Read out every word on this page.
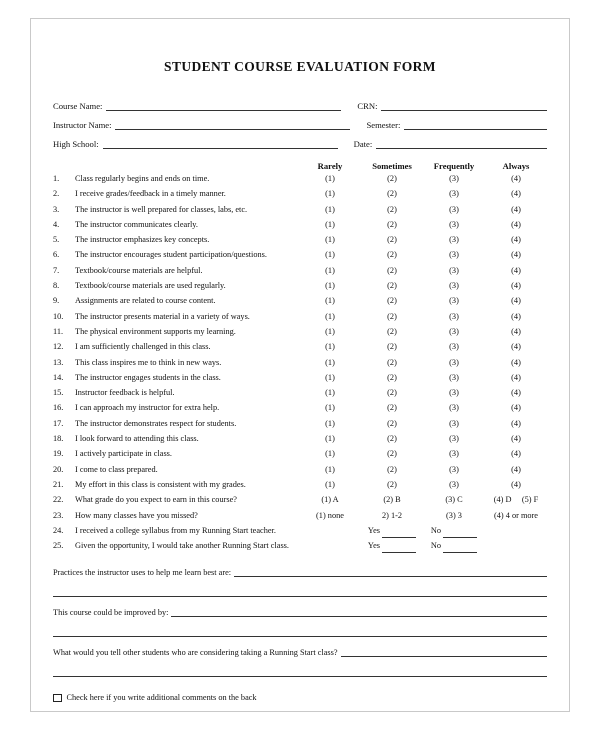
STUDENT COURSE EVALUATION FORM
Course Name:	CRN:
Instructor Name:	Semester:
High School:	Date:
		Rarely	Sometimes	Frequently	Always
1.	Class regularly begins and ends on time.	(1)	(2)	(3)	(4)
2.	I receive grades/feedback in a timely manner.	(1)	(2)	(3)	(4)
3.	The instructor is well prepared for classes, labs, etc.	(1)	(2)	(3)	(4)
4.	The instructor communicates clearly.	(1)	(2)	(3)	(4)
5.	The instructor emphasizes key concepts.	(1)	(2)	(3)	(4)
6.	The instructor encourages student participation/questions.	(1)	(2)	(3)	(4)
7.	Textbook/course materials are helpful.	(1)	(2)	(3)	(4)
8.	Textbook/course materials are used regularly.	(1)	(2)	(3)	(4)
9.	Assignments are related to course content.	(1)	(2)	(3)	(4)
10.	The instructor presents material in a variety of ways.	(1)	(2)	(3)	(4)
11.	The physical environment supports my learning.	(1)	(2)	(3)	(4)
12.	I am sufficiently challenged in this class.	(1)	(2)	(3)	(4)
13.	This class inspires me to think in new ways.	(1)	(2)	(3)	(4)
14.	The instructor engages students in the class.	(1)	(2)	(3)	(4)
15.	Instructor feedback is helpful.	(1)	(2)	(3)	(4)
16.	I can approach my instructor for extra help.	(1)	(2)	(3)	(4)
17.	The instructor demonstrates respect for students.	(1)	(2)	(3)	(4)
18.	I look forward to attending this class.	(1)	(2)	(3)	(4)
19.	I actively participate in class.	(1)	(2)	(3)	(4)
20.	I come to class prepared.	(1)	(2)	(3)	(4)
21.	My effort in this class is consistent with my grades.	(1)	(2)	(3)	(4)
22.	What grade do you expect to earn in this course?	(1) A	(2) B	(3) C	(4) D (5) F
23.	How many classes have you missed?	(1) none	2) 1-2	(3) 3	(4) 4 or more
24.	I received a college syllabus from my Running Start teacher.		Yes	No	
25.	Given the opportunity, I would take another Running Start class.		Yes	No	
Practices the instructor uses to help me learn best are:
This course could be improved by:
What would you tell other students who are considering taking a Running Start class?
Check here if you write additional comments on the back
